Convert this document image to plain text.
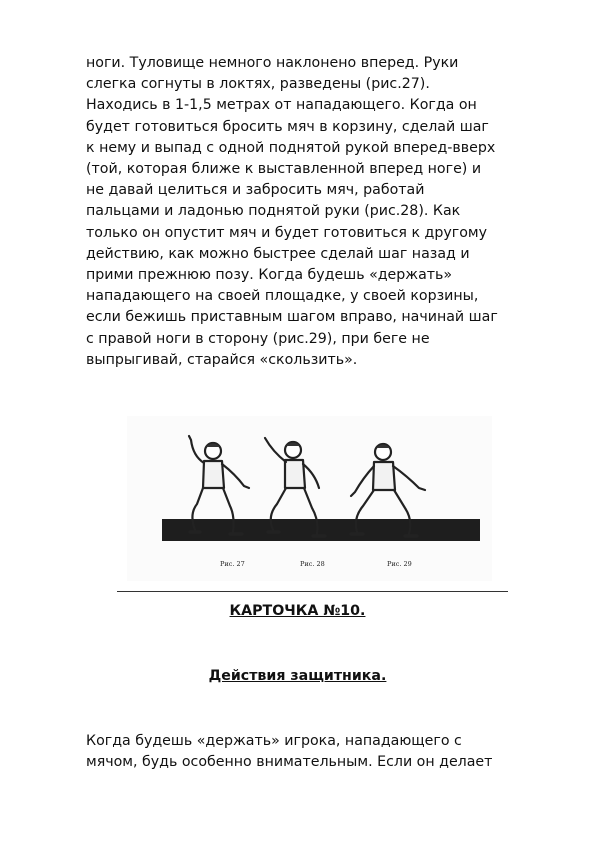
ноги. Туловище немного наклонено вперед. Руки
слегка согнуты в локтях, разведены (рис.27).
Находись в 1-1,5 метрах от нападающего. Когда он
будет готовиться бросить мяч в корзину, сделай шаг
к нему и выпад с одной поднятой рукой вперед-вверх
(той, которая ближе к выставленной вперед ноге) и
не давай целиться и забросить мяч, работай
пальцами и ладонью поднятой руки (рис.28). Как
только он опустит мяч и будет готовиться к другому
действию, как можно быстрее сделай шаг назад и
прими прежнюю позу. Когда будешь «держать»
нападающего на своей площадке, у своей корзины,
если бежишь приставным шагом вправо, начинай шаг
с правой ноги в сторону (рис.29), при беге не
выпрыгивай, старайся «скользить».
Рис. 27	Рис. 28	Рис. 29
КАРТОЧКА №10.
Действия защитника.
Когда будешь «держать» игрока, нападающего с
мячом, будь особенно внимательным. Если он делает
